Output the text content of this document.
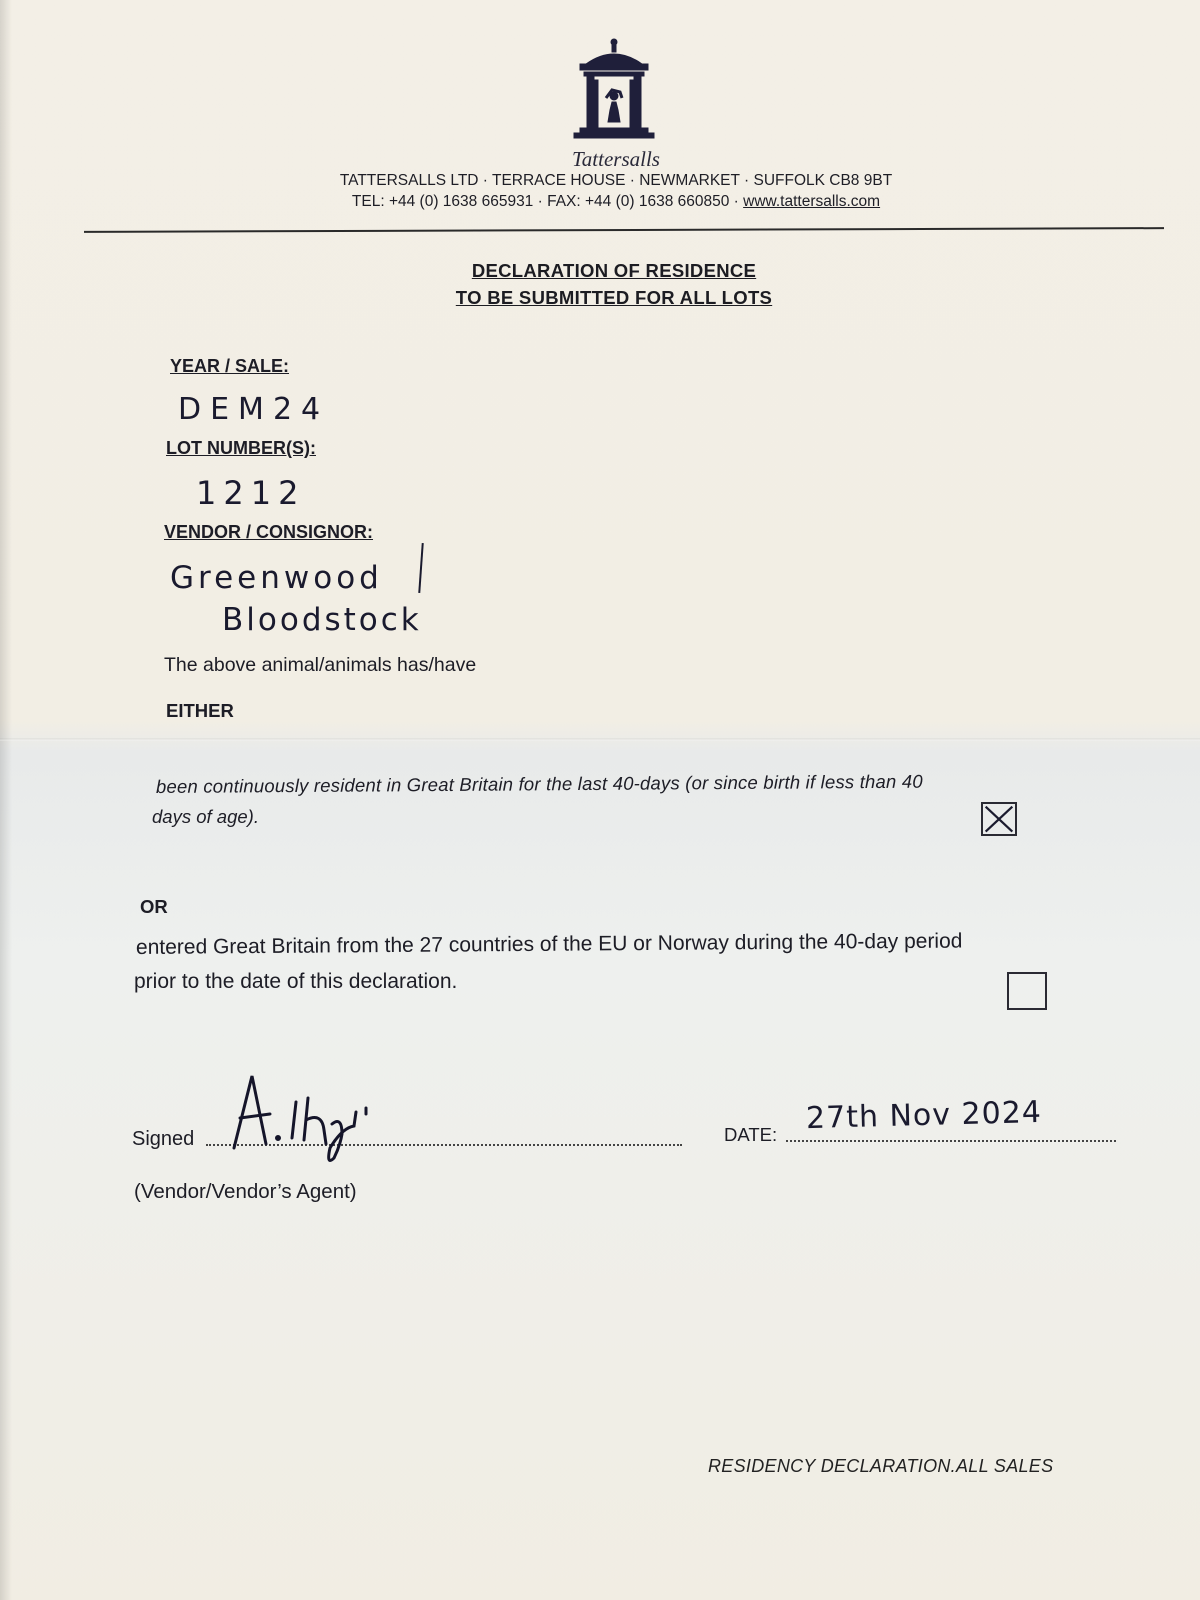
Tattersalls
TATTERSALLS LTD · TERRACE HOUSE · NEWMARKET · SUFFOLK CB8 9BT
TEL: +44 (0) 1638 665931 · FAX: +44 (0) 1638 660850 · www.tattersalls.com
DECLARATION OF RESIDENCE
TO BE SUBMITTED FOR ALL LOTS
YEAR / SALE:
DEM24
LOT NUMBER(S):
1212
VENDOR / CONSIGNOR:
Greenwood
Bloodstock
The above animal/animals has/have
EITHER
been continuously resident in Great Britain for the last 40-days (or since birth if less than 40
days of age).
OR
entered Great Britain from the 27 countries of the EU or Norway during the 40-day period
prior to the date of this declaration.
Signed	DATE: 27th Nov 2024
(Vendor/Vendor’s Agent)
RESIDENCY DECLARATION.ALL SALES
